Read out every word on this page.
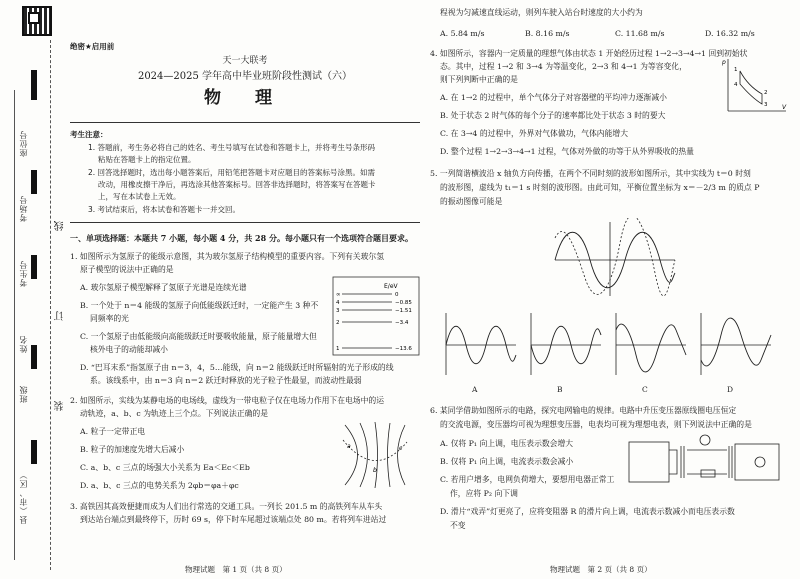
座位号
考场号
考生号
姓名
班级
县（市、区）
线
订
装
绝密★启用前
天一大联考
2024—2025 学年高中毕业班阶段性测试（六）
物 理
考生注意：
1. 答题前，考生务必将自己的姓名、考生号填写在试卷和答题卡上，并将考生号条形码
粘贴在答题卡上的指定位置。
2. 回答选择题时，选出每小题答案后，用铅笔把答题卡对应题目的答案标号涂黑。如需
改动，用橡皮擦干净后，再选涂其他答案标号。回答非选择题时，将答案写在答题卡
上，写在本试卷上无效。
3. 考试结束后，将本试卷和答题卡一并交回。
一、单项选择题：本题共 7 小题，每小题 4 分，共 28 分。每小题只有一个选项符合题目要求。
1. 如图所示为氢原子的能级示意图，其为玻尔氢原子结构模型的重要内容。下列有关玻尔氢
原子模型的说法中正确的是
A. 玻尔氢原子模型解释了氢原子光谱是连续光谱
B. 一个处于 n＝4 能级的氢原子向低能级跃迁时，一定能产生 3 种不
同频率的光
C. 一个氢原子由低能级向高能级跃迁时要吸收能量，原子能量增大但
核外电子的动能却减小
D. “巴耳末系”指氢原子由 n＝3，4，5…能级，向 n＝2 能级跃迁时所辐射的光子形成的线
系。该线系中，由 n＝3 向 n＝2 跃迁时释放的光子粒子性最显，而波动性最弱
E/eV
∞
4
3
2
1
0
−0.85
−1.51
−3.4
−13.6
2. 如图所示，实线为某静电场的电场线，虚线为一带电粒子仅在电场力作用下在电场中的运
动轨迹，a、b、c 为轨迹上三个点。下列说法正确的是
A. 粒子一定带正电
B. 粒子的加速度先增大后减小
C. a、b、c 三点的场强大小关系为 Ea＜Ec＜Eb
D. a、b、c 三点的电势关系为 2φb＝φa＋φc
a
b
c
3. 高铁因其高效便捷而成为人们出行常选的交通工具。一列长 201.5 m 的高铁列车从车头
到达站台端点到最终停下，历时 69 s，停下时车尾超过该端点处 80 m。若将列车进站过
物理试题　第 1 页（共 8 页）
程视为匀减速直线运动，则列车驶入站台时速度的大小约为
A. 5.84 m/s	B. 8.16 m/s	C. 11.68 m/s	D. 16.32 m/s
4. 如图所示，容器内一定质量的理想气体由状态 1 开始经历过程 1→2→3→4→1 回到初始状
态。其中，过程 1→2 和 3→4 为等温变化，2→3 和 4→1 为等容变化，
则下列判断中正确的是
A. 在 1→2 的过程中，单个气体分子对容器壁的平均冲力逐渐减小
B. 处于状态 2 时气体的每个分子的速率都比处于状态 3 时的要大
C. 在 3→4 的过程中，外界对气体做功，气体内能增大
D. 整个过程 1→2→3→4→1 过程，气体对外做的功等于从外界吸收的热量
p
V
1
2
3
4
5. 一列简谐横波沿 x 轴负方向传播，在两个不同时刻的波形如图所示，其中实线为 t＝0 时刻
的波形图，虚线为 t₁＝1 s 时刻的波形图。由此可知，平衡位置坐标为 x＝－2/3 m 的质点 P
的振动图像可能是
A	B	C	D
6. 某同学借助如图所示的电路，探究电网输电的规律。电路中升压变压器原线圈电压恒定
的交流电源，变压器均可视为理想变压器，电表均可视为理想电表，则下列说法中正确的是
A. 仅将 P₁ 向上调，电压表示数会增大
B. 仅将 P₁ 向上调，电流表示数会减小
C. 若用户增多，电网负荷增大，要想用电器正常工
作，应将 P₂ 向下调
D. 滑片“戏弄”灯更亮了，应将变阻器 R 的滑片向上调，电流表示数减小而电压表示数
不变
物理试题　第 2 页（共 8 页）
